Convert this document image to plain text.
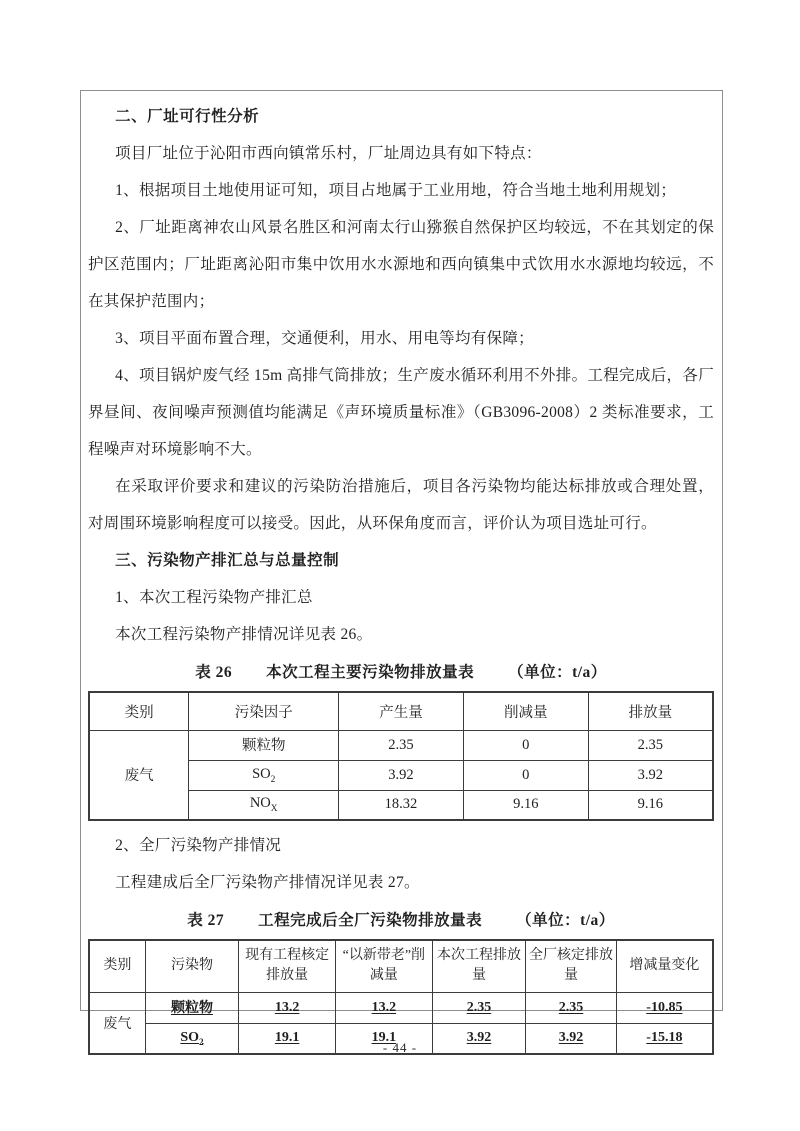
二、厂址可行性分析

项目厂址位于沁阳市西向镇常乐村，厂址周边具有如下特点：

1、根据项目土地使用证可知，项目占地属于工业用地，符合当地土地利用规划；

2、厂址距离神农山风景名胜区和河南太行山猕猴自然保护区均较远，不在其划定的保护区范围内；厂址距离沁阳市集中饮用水水源地和西向镇集中式饮用水水源地均较远，不在其保护范围内；

3、项目平面布置合理，交通便利，用水、用电等均有保障；

4、项目锅炉废气经 15m 高排气筒排放；生产废水循环利用不外排。工程完成后，各厂界昼间、夜间噪声预测值均能满足《声环境质量标准》（GB3096-2008）2 类标准要求，工程噪声对环境影响不大。

在采取评价要求和建议的污染防治措施后，项目各污染物均能达标排放或合理处置，对周围环境影响程度可以接受。因此，从环保角度而言，评价认为项目选址可行。

三、污染物产排汇总与总量控制

1、本次工程污染物产排汇总

本次工程污染物产排情况详见表 26。

表 26 本次工程主要污染物排放量表 （单位：t/a）
类别	污染因子	产生量	削减量	排放量
废气	颗粒物	2.35	0	2.35
	$SO_2$	3.92	0	3.92
	$NO_X$	18.32	9.16	9.16

2、全厂污染物产排情况

工程建成后全厂污染物产排情况详见表 27。

表 27 工程完成后全厂污染物排放量表 （单位：t/a）
类别	污染物	现有工程核定排放量	“以新带老”削减量	本次工程排放量	全厂核定排放量	增减量变化
废气	颗粒物	13.2	13.2	2.35	2.35	-10.85
	$SO_2$	19.1	19.1	3.92	3.92	-15.18
- 44 -
